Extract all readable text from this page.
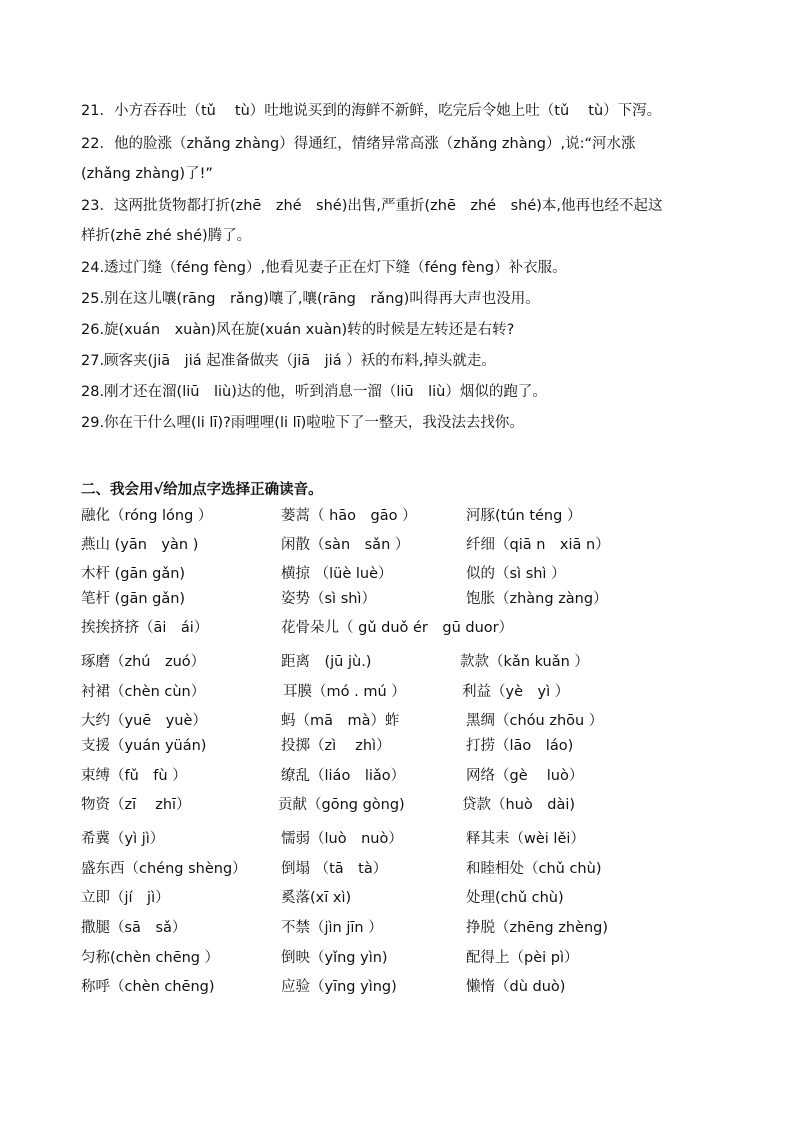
21．小方吞吞吐（tǔ　 tù）吐地说买到的海鲜不新鲜，吃完后令她上吐（tǔ　 tù）下泻。
22．他的脸涨（zhǎng zhàng）得通红，情绪异常高涨（zhǎng zhàng）,说:“河水涨
(zhǎng zhàng)了!”
23．这两批货物都打折(zhē　zhé　shé)出售,严重折(zhē　zhé　shé)本,他再也经不起这
样折(zhē zhé shé)腾了。
24.透过门缝（féng fèng）,他看见妻子正在灯下缝（féng fèng）补衣服。
25.别在这儿嚷(rāng　rǎng)嚷了,嚷(rāng　rǎng)叫得再大声也没用。
26.旋(xuán　xuàn)风在旋(xuán xuàn)转的时候是左转还是右转?
27.顾客夹(jiā　jiá 起准备做夹（jiā　jiá ）袄的布料,掉头就走。
28.刚才还在溜(liū　liù)达的他，听到消息一溜（liū　liù）烟似的跑了。
29.你在干什么哩(li lī)?雨哩哩(li lī)啦啦下了一整天，我没法去找你。
二、我会用√给加点字选择正确读音。
融化（róng lóng ）	蒌蒿（ hāo　gāo ）	河豚(tún téng ）
燕山 (yān　yàn )	闲散（sàn　sǎn ）	纤细（qiā n　xiā n）
木杆 (gān gǎn)	横掠 （lüè luè）	似的（sì shì ）
笔杆 (gān gǎn)	姿势（sì shì）	饱胀（zhàng zàng）
挨挨挤挤（āi　ái）	花骨朵儿（ gǔ duǒ ér　gū duor）
琢磨（zhú　zuó）	距离　(jū jù.)	款款（kǎn kuǎn ）
衬裙（chèn cùn）	耳膜（mó . mú ）	利益（yè　yì ）
大约（yuē　yuè）	蚂（mā　mà）蚱	黑绸（chóu zhōu ）
支援（yuán yüán)	投掷（zì　 zhì）	打捞（lāo　láo)
束缚（fǔ　fù ）	缭乱（liáo　liǎo）	网络（gè　 luò）
物资（zī　 zhī）	贡献（gōng gòng)	贷款（huò　dài)
希冀（yì jì）	懦弱（luò　nuò）	释其耒（wèi lěi）
盛东西（chéng shèng） 倒塌 （tā　tà）	和睦相处（chǔ chù)
立即（jí　jì）	奚落(xī xì)	处理(chǔ chù)
撒腿（sā　sǎ）	不禁（jìn jīn ）	挣脱（zhēng zhèng)
匀称(chèn chēng ）	倒映（yǐng yìn)	配得上（pèi pì）
称呼（chèn chēng)	应验（yīng yìng)	懒惰（dù duò)
